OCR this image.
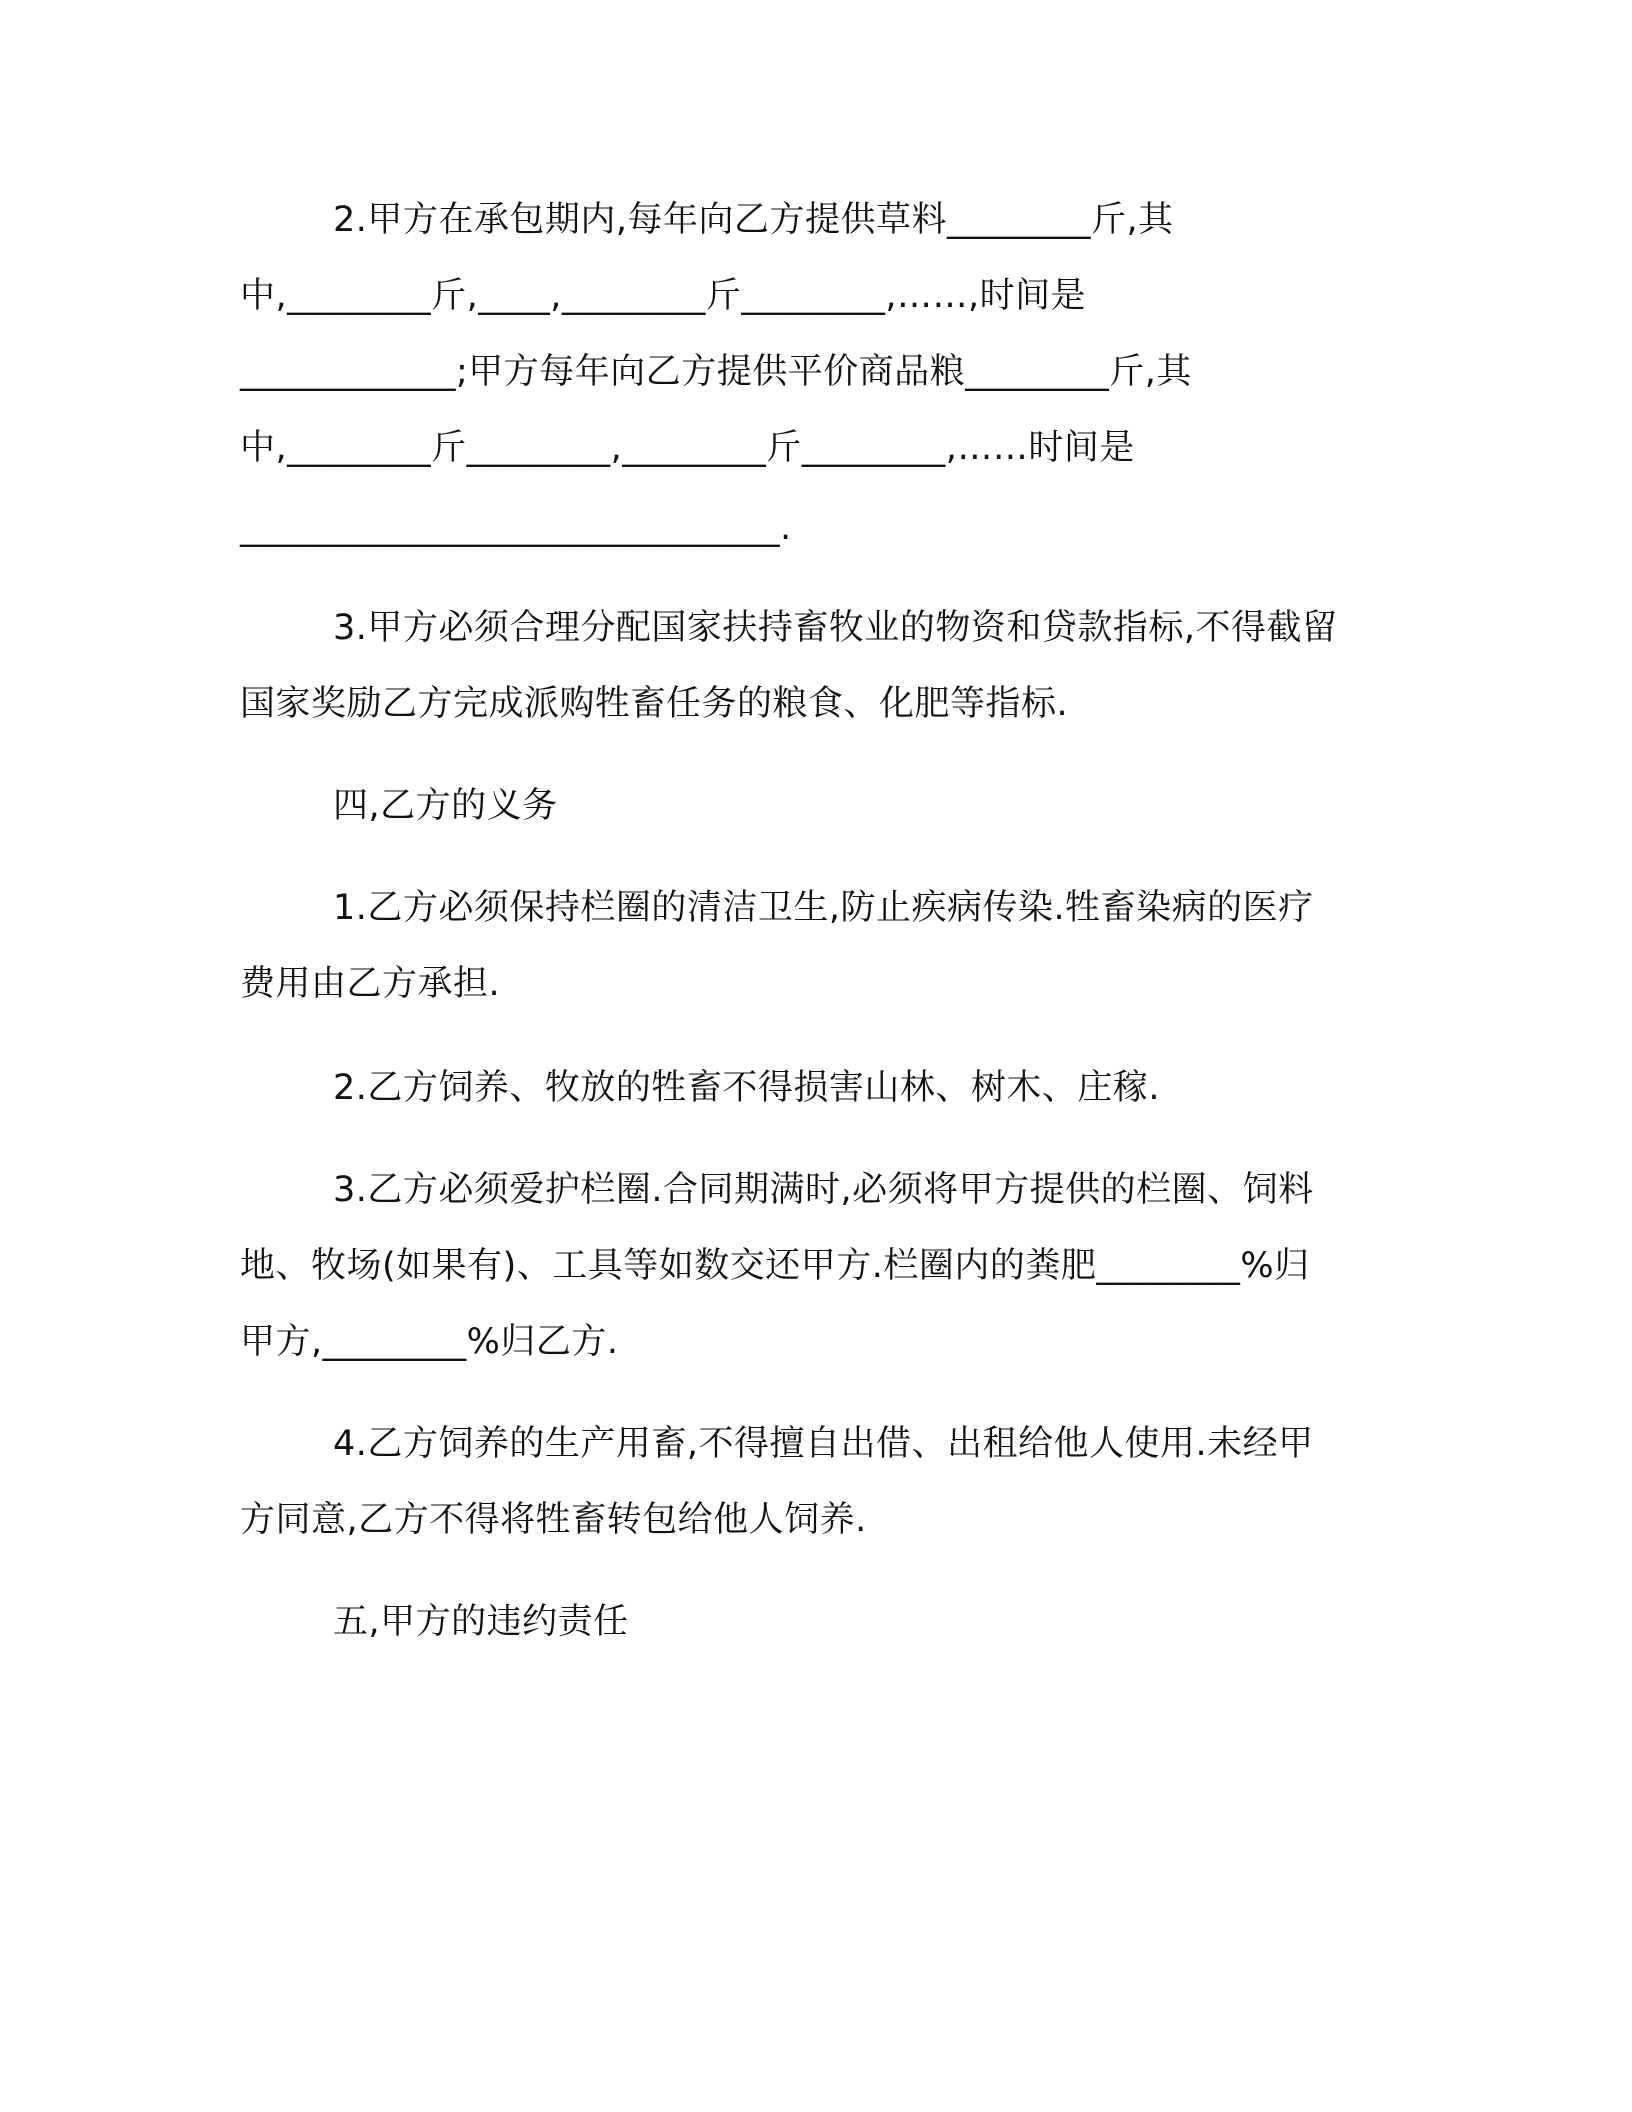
2.甲方在承包期内,每年向乙方提供草料________斤,其
中,________斤,____,________斤________,……,时间是
____________;甲方每年向乙方提供平价商品粮________斤,其
中,________斤________,________斤________,……时间是
______________________________.
3.甲方必须合理分配国家扶持畜牧业的物资和贷款指标,不得截留
国家奖励乙方完成派购牲畜任务的粮食、化肥等指标.
四,乙方的义务
1.乙方必须保持栏圈的清洁卫生,防止疾病传染.牲畜染病的医疗
费用由乙方承担.
2.乙方饲养、牧放的牲畜不得损害山林、树木、庄稼.
3.乙方必须爱护栏圈.合同期满时,必须将甲方提供的栏圈、饲料
地、牧场(如果有)、工具等如数交还甲方.栏圈内的粪肥________%归
甲方,________%归乙方.
4.乙方饲养的生产用畜,不得擅自出借、出租给他人使用.未经甲
方同意,乙方不得将牲畜转包给他人饲养.
五,甲方的违约责任
